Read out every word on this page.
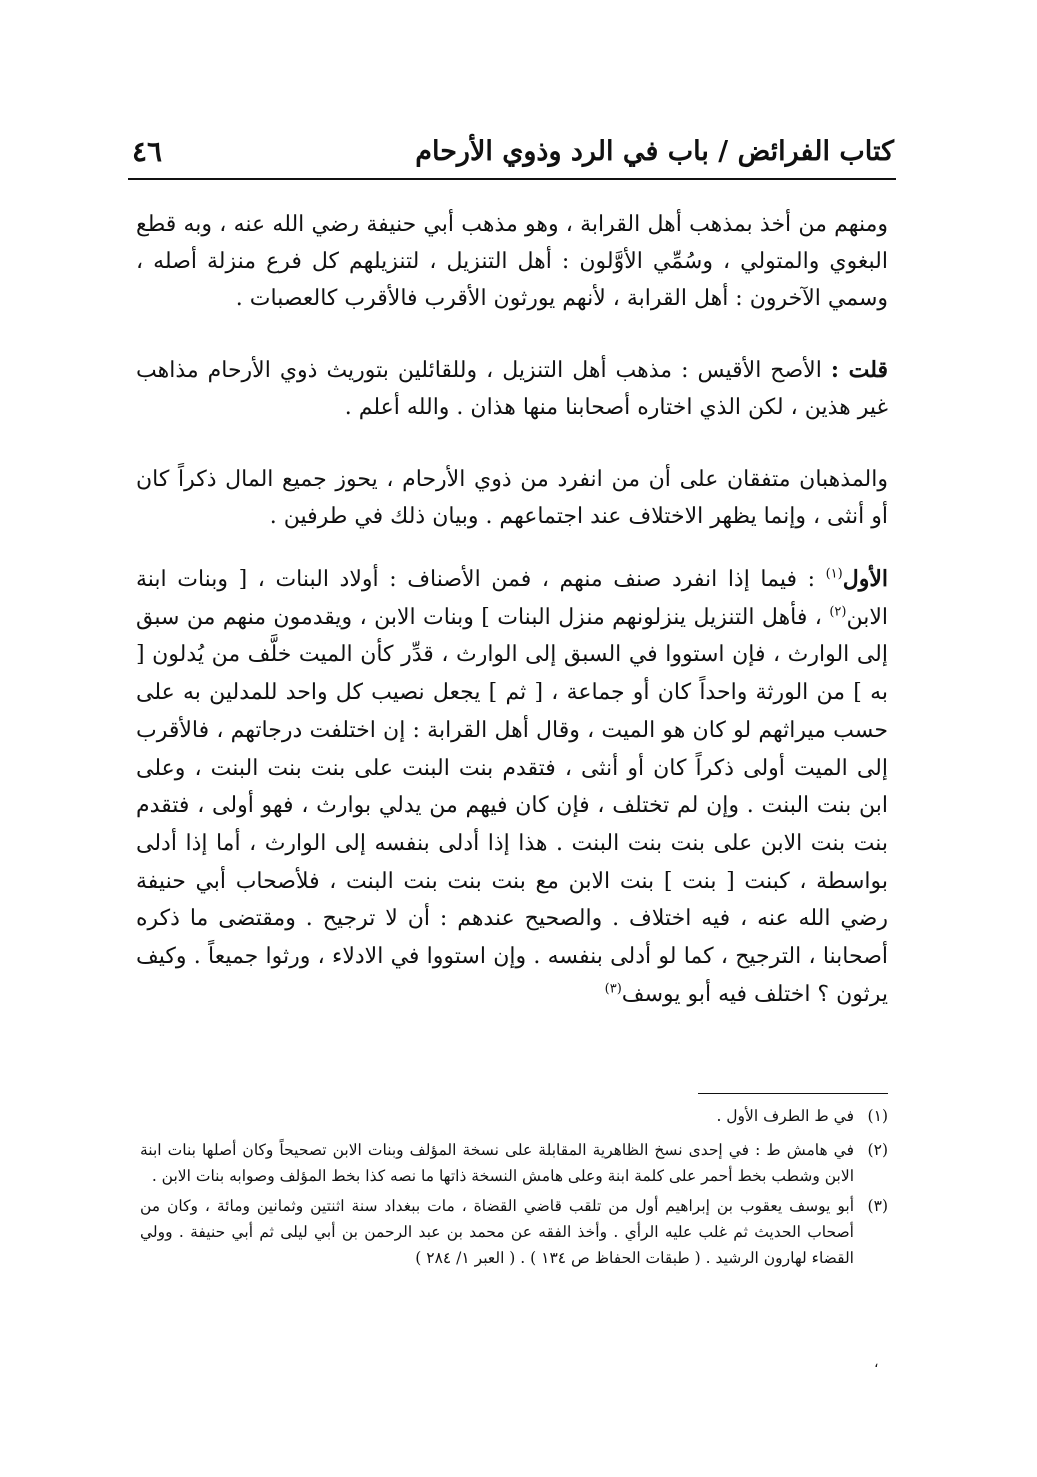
كتاب الفرائض / باب في الرد وذوي الأرحام
٤٦

ومنهم من أخذ بمذهب أهل القرابة ، وهو مذهب أبي حنيفة رضي الله عنه ، وبه قطع البغوي والمتولي ، وسُمِّي الأوَّلون : أهل التنزيل ، لتنزيلهم كل فرع منزلة أصله ، وسمي الآخرون : أهل القرابة ، لأنهم يورثون الأقرب فالأقرب كالعصبات .

قلت : الأصح الأقيس : مذهب أهل التنزيل ، وللقائلين بتوريث ذوي الأرحام مذاهب غير هذين ، لكن الذي اختاره أصحابنا منها هذان . والله أعلم .

والمذهبان متفقان على أن من انفرد من ذوي الأرحام ، يحوز جميع المال ذكراً كان أو أنثى ، وإنما يظهر الاختلاف عند اجتماعهم . وبيان ذلك في طرفين .

الأول$^{(١)}$ : فيما إذا انفرد صنف منهم ، فمن الأصناف : أولاد البنات ، [ وبنات ابنة الابن$^{(٢)}$ ، فأهل التنزيل ينزلونهم منزل البنات ] وبنات الابن ، ويقدمون منهم من سبق إلى الوارث ، فإن استووا في السبق إلى الوارث ، قدِّر كأن الميت خلَّف من يُدلون [ به ] من الورثة واحداً كان أو جماعة ، [ ثم ] يجعل نصيب كل واحد للمدلين به على حسب ميراثهم لو كان هو الميت ، وقال أهل القرابة : إن اختلفت درجاتهم ، فالأقرب إلى الميت أولى ذكراً كان أو أنثى ، فتقدم بنت البنت على بنت بنت البنت ، وعلى ابن بنت البنت . وإن لم تختلف ، فإن كان فيهم من يدلي بوارث ، فهو أولى ، فتقدم بنت بنت الابن على بنت بنت البنت . هذا إذا أدلى بنفسه إلى الوارث ، أما إذا أدلى بواسطة ، كبنت [ بنت ] بنت الابن مع بنت بنت بنت البنت ، فلأصحاب أبي حنيفة رضي الله عنه ، فيه اختلاف . والصحيح عندهم : أن لا ترجيح . ومقتضى ما ذكره أصحابنا ، الترجيح ، كما لو أدلى بنفسه . وإن استووا في الادلاء ، ورثوا جميعاً . وكيف يرثون ؟ اختلف فيه أبو يوسف$^{(٣)}$

(١)
في ط الطرف الأول .
(٢)
في هامش ط : في إحدى نسخ الظاهرية المقابلة على نسخة المؤلف وبنات الابن تصحيحاً وكان أصلها بنات ابنة الابن وشطب بخط أحمر على كلمة ابنة وعلى هامش النسخة ذاتها ما نصه كذا بخط المؤلف وصوابه بنات الابن .
(٣)
أبو يوسف يعقوب بن إبراهيم أول من تلقب قاضي القضاة ، مات ببغداد سنة اثنتين وثمانين ومائة ، وكان من أصحاب الحديث ثم غلب عليه الرأي . وأخذ الفقه عن محمد بن عبد الرحمن بن أبي ليلى ثم أبي حنيفة . وولي القضاء لهارون الرشيد . ( طبقات الحفاظ ص ١٣٤ ) . ( العبر ١/ ٢٨٤ )
،
